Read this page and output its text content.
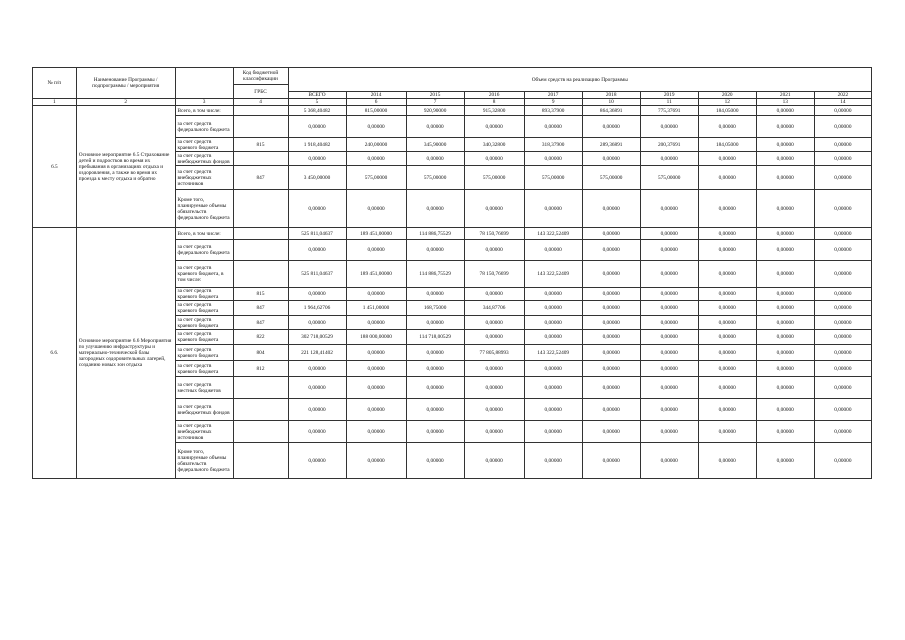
№ п/п	Наименование Программы / подпрограммы / мероприятия		Код бюджетной классификации	Объем средств на реализацию Программы									
			ГРБС										
				ВСЕГО	2014	2015	2016	2017	2018	2019	2020	2021	2022
1	2	3	4	5	6	7	8	9	10	11	12	13	14
6.5	Основное мероприятие 6.5 Страхование детей и подростков во время их пребывания в организациях отдыха и оздоровления, а также во время их проезда к месту отдыха и обратно	Всего, в том числе:		5 368,40482	815,00000	920,90000	915,32800	893,37900	864,36891	775,37691	184,05000	0,00000	0,00000
		за счет средств федерального бюджета		0,00000	0,00000	0,00000	0,00000	0,00000	0,00000	0,00000	0,00000	0,00000	0,00000
		за счет средств краевого бюджета	815	1 918,40482	240,00000	345,90000	340,32800	318,37900	289,36891	200,37691	184,05000	0,00000	0,00000
		за счет средств внебюджетных фондов		0,00000	0,00000	0,00000	0,00000	0,00000	0,00000	0,00000	0,00000	0,00000	0,00000
		за счет средств внебюджетных источников	847	3 450,00000	575,00000	575,00000	575,00000	575,00000	575,00000	575,00000	0,00000	0,00000	0,00000
		Кроме того, планируемые объемы обязательств федерального бюджета		0,00000	0,00000	0,00000	0,00000	0,00000	0,00000	0,00000	0,00000	0,00000	0,00000
6.6.	Основное мероприятие 6.6 Мероприятия по улучшению инфраструктуры и материально-технической базы загородных оздоровительных лагерей, созданию новых зон отдыха	Всего, в том числе:		525 811,04637	189 451,00000	114 886,75529	78 150,76699	143 322,52409	0,00000	0,00000	0,00000	0,00000	0,00000
		за счет средств федерального бюджета		0,00000	0,00000	0,00000	0,00000	0,00000	0,00000	0,00000	0,00000	0,00000	0,00000
		за счет средств краевого бюджета, в том числе:		525 811,04637	189 451,00000	114 886,75529	78 150,76699	143 322,52409	0,00000	0,00000	0,00000	0,00000	0,00000
		за счет средств краевого бюджета	815	0,00000	0,00000	0,00000	0,00000	0,00000	0,00000	0,00000	0,00000	0,00000	0,00000
		за счет средств краевого бюджета	847	1 964,62706	1 451,00000	168,75000	344,87706	0,00000	0,00000	0,00000	0,00000	0,00000	0,00000
		за счет средств краевого бюджета	847	0,00000	0,00000	0,00000	0,00000	0,00000	0,00000	0,00000	0,00000	0,00000	0,00000
		за счет средств краевого бюджета	822	302 718,00529	188 000,00000	114 718,00529	0,00000	0,00000	0,00000	0,00000	0,00000	0,00000	0,00000
		за счет средств краевого бюджета	804	221 128,41402	0,00000	0,00000	77 805,88993	143 322,52409	0,00000	0,00000	0,00000	0,00000	0,00000
		за счет средств краевого бюджета	812	0,00000	0,00000	0,00000	0,00000	0,00000	0,00000	0,00000	0,00000	0,00000	0,00000
		за счет средств местных бюджетов		0,00000	0,00000	0,00000	0,00000	0,00000	0,00000	0,00000	0,00000	0,00000	0,00000
		за счет средств внебюджетных фондов		0,00000	0,00000	0,00000	0,00000	0,00000	0,00000	0,00000	0,00000	0,00000	0,00000
		за счет средств внебюджетных источников		0,00000	0,00000	0,00000	0,00000	0,00000	0,00000	0,00000	0,00000	0,00000	0,00000
		Кроме того, планируемые объемы обязательств федерального бюджета		0,00000	0,00000	0,00000	0,00000	0,00000	0,00000	0,00000	0,00000	0,00000	0,00000
